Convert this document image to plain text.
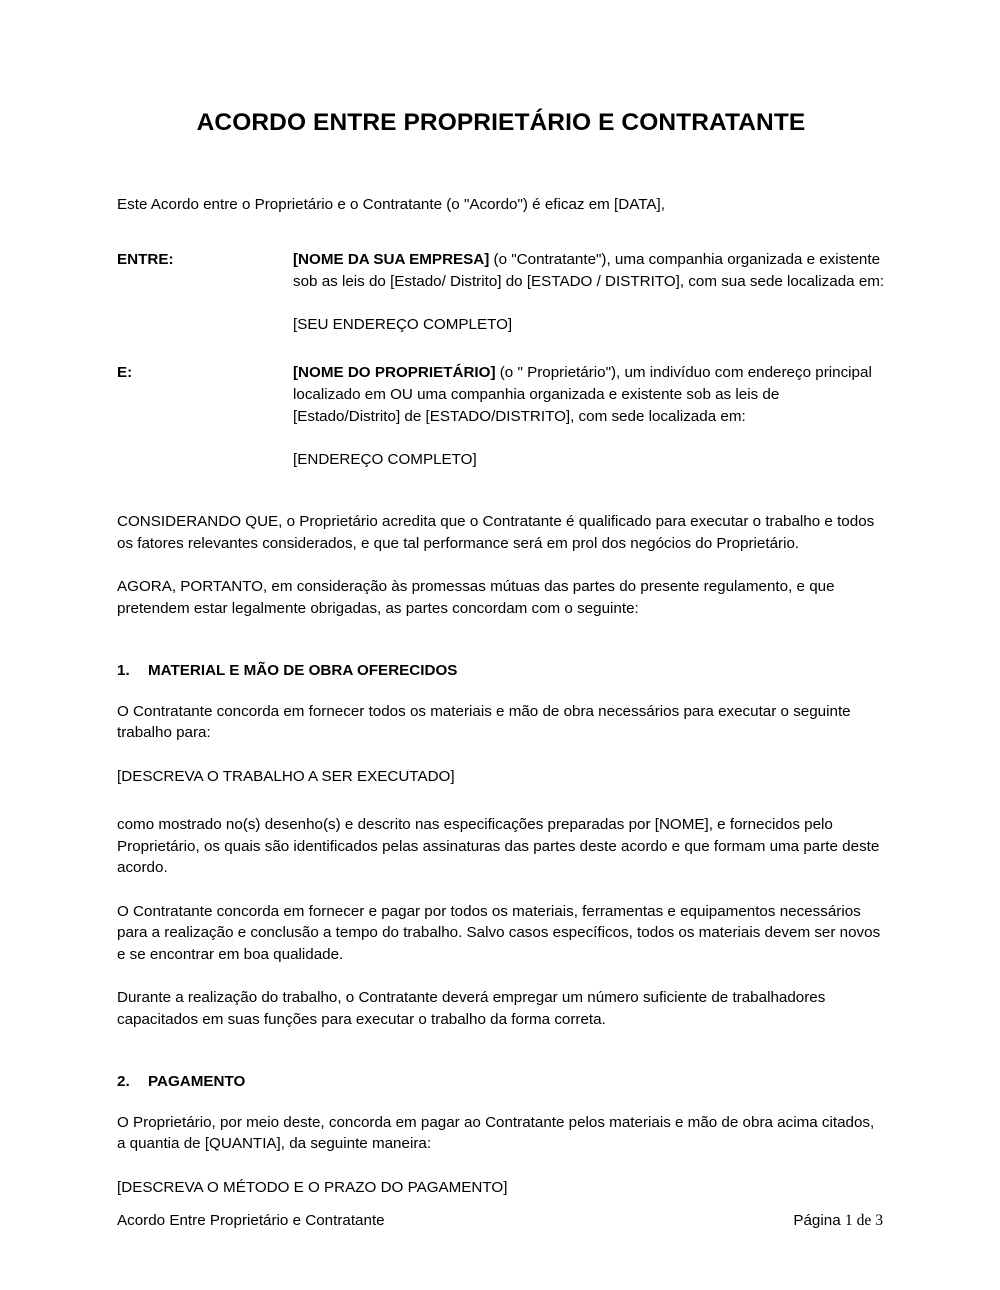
ACORDO ENTRE PROPRIETÁRIO E CONTRATANTE

Este Acordo entre o Proprietário e o Contratante (o "Acordo") é eficaz em [DATA],

ENTRE:	[NOME DA SUA EMPRESA] (o "Contratante"), uma companhia organizada e existente sob as leis do [Estado/ Distrito] do [ESTADO / DISTRITO], com sua sede localizada em:
[SEU ENDEREÇO COMPLETO]
E:	[NOME DO PROPRIETÁRIO] (o " Proprietário"), um indivíduo com endereço principal localizado em OU uma companhia organizada e existente sob as leis de [Estado/Distrito] de [ESTADO/DISTRITO], com sede localizada em:
[ENDEREÇO COMPLETO]

CONSIDERANDO QUE, o Proprietário acredita que o Contratante é qualificado para executar o trabalho e todos os fatores relevantes considerados, e que tal performance será em prol dos negócios do Proprietário.

AGORA, PORTANTO, em consideração às promessas mútuas das partes do presente regulamento, e que pretendem estar legalmente obrigadas, as partes concordam com o seguinte:

1.	MATERIAL E MÃO DE OBRA OFERECIDOS

O Contratante concorda em fornecer todos os materiais e mão de obra necessários para executar o seguinte trabalho para:

[DESCREVA O TRABALHO A SER EXECUTADO]

como mostrado no(s) desenho(s) e descrito nas especificações preparadas por [NOME], e fornecidos pelo Proprietário, os quais são identificados pelas assinaturas das partes deste acordo e que formam uma parte deste acordo.

O Contratante concorda em fornecer e pagar por todos os materiais, ferramentas e equipamentos necessários para a realização e conclusão a tempo do trabalho. Salvo casos específicos, todos os materiais devem ser novos e se encontrar em boa qualidade.

Durante a realização do trabalho, o Contratante deverá empregar um número suficiente de trabalhadores capacitados em suas funções para executar o trabalho da forma correta.

2.	PAGAMENTO

O Proprietário, por meio deste, concorda em pagar ao Contratante pelos materiais e mão de obra acima citados, a quantia de [QUANTIA], da seguinte maneira:

[DESCREVA O MÉTODO E O PRAZO DO PAGAMENTO]

Acordo Entre Proprietário e Contratante	Página 1 de 3
